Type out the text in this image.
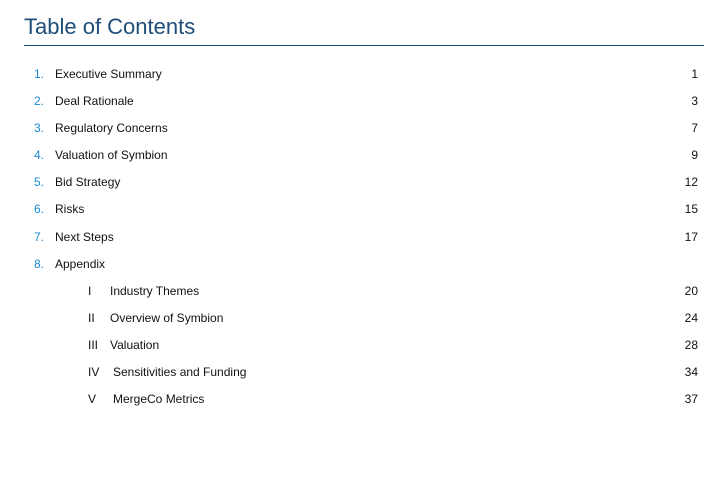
Table of Contents
1. Executive Summary	1
2. Deal Rationale	3
3. Regulatory Concerns	7
4. Valuation of Symbion	9
5. Bid Strategy	12
6. Risks	15
7. Next Steps	17
8. Appendix
I Industry Themes	20
II Overview of Symbion	24
III Valuation	28
IV Sensitivities and Funding	34
V MergeCo Metrics	37
